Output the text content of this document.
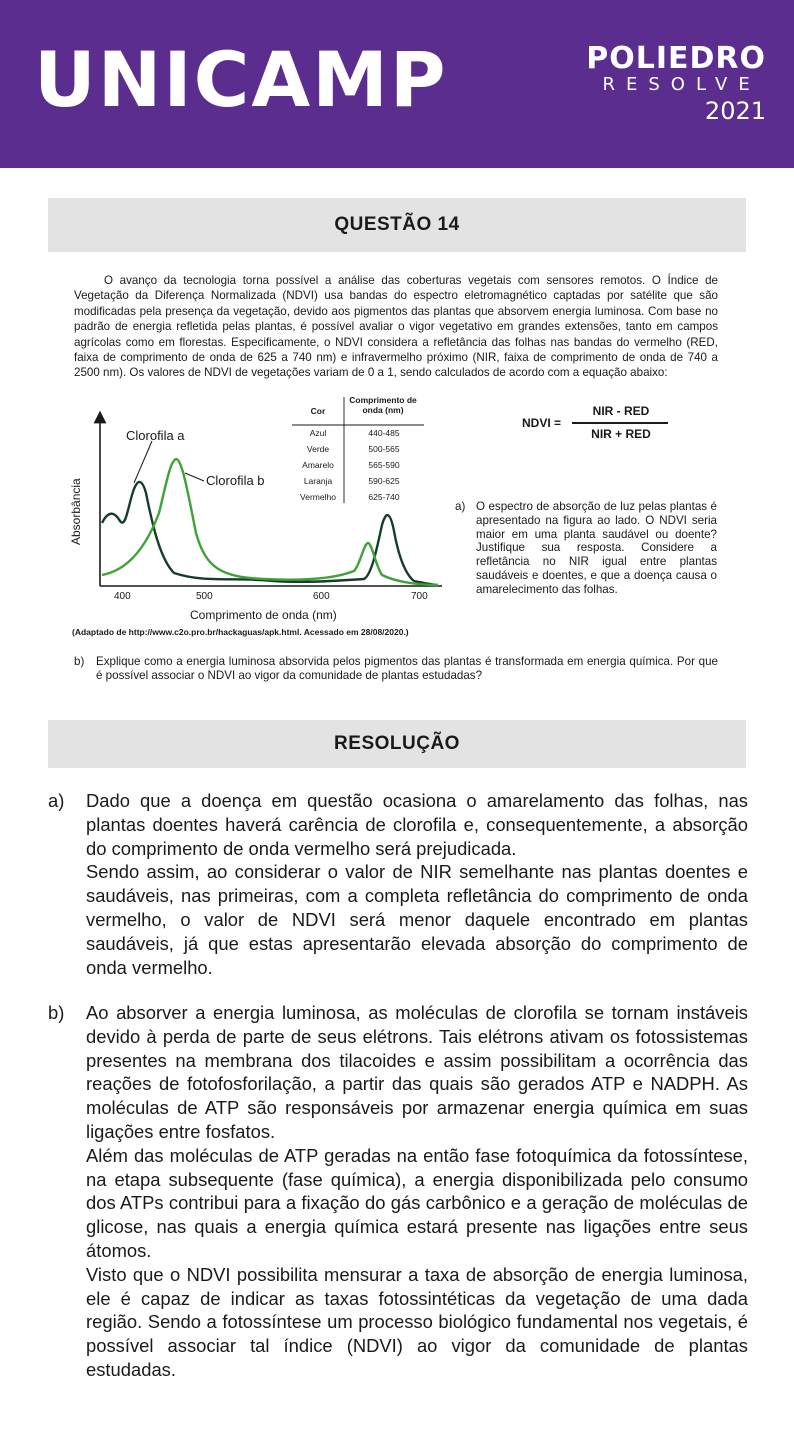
UNICAMP	POLIEDRO
RESOLVE
2021
QUESTÃO 14
O avanço da tecnologia torna possível a análise das coberturas vegetais com sensores remotos. O Índice de Vegetação da Diferença Normalizada (NDVI) usa bandas do espectro eletromagnético captadas por satélite que são modificadas pela presença da vegetação, devido aos pigmentos das plantas que absorvem energia luminosa. Com base no padrão de energia refletida pelas plantas, é possível avaliar o vigor vegetativo em grandes extensões, tanto em campos agrícolas como em florestas. Especificamente, o NDVI considera a refletância das folhas nas bandas do vermelho (RED, faixa de comprimento de onda de 625 a 740 nm) e infravermelho próximo (NIR, faixa de comprimento de onda de 740 a 2500 nm). Os valores de NDVI de vegetações variam de 0 a 1, sendo calculados de acordo com a equação abaixo:
Absorbância
400	500	600	700
Comprimento de onda (nm)
Clorofila a
Clorofila b
Cor
Comprimento de onda (nm)
Azul	440-485
Verde	500-565
Amarelo	565-590
Laranja	590-625
Vermelho	625-740
(Adaptado de http://www.c2o.pro.br/hackaguas/apk.html. Acessado em 28/08/2020.)
NDVI =
NIR - RED
NIR + RED
a) O espectro de absorção de luz pelas plantas é apresentado na figura ao lado. O NDVI seria maior em uma planta saudável ou doente? Justifique sua resposta. Considere a refletância no NIR igual entre plantas saudáveis e doentes, e que a doença causa o amarelecimento das folhas.
b) Explique como a energia luminosa absorvida pelos pigmentos das plantas é transformada em energia química. Por que é possível associar o NDVI ao vigor da comunidade de plantas estudadas?
RESOLUÇÃO
a) Dado que a doença em questão ocasiona o amarelamento das folhas, nas plantas doentes haverá carência de clorofila e, consequentemente, a absorção do comprimento de onda vermelho será prejudicada.

Sendo assim, ao considerar o valor de NIR semelhante nas plantas doentes e saudáveis, nas primeiras, com a completa refletância do comprimento de onda vermelho, o valor de NDVI será menor daquele encontrado em plantas saudáveis, já que estas apresentarão elevada absorção do comprimento de onda vermelho.

b) Ao absorver a energia luminosa, as moléculas de clorofila se tornam instáveis devido à perda de parte de seus elétrons. Tais elétrons ativam os fotossistemas presentes na membrana dos tilacoides e assim possibilitam a ocorrência das reações de fotofosforilação, a partir das quais são gerados ATP e NADPH. As moléculas de ATP são responsáveis por armazenar energia química em suas ligações entre fosfatos.

Além das moléculas de ATP geradas na então fase fotoquímica da fotossíntese, na etapa subsequente (fase química), a energia disponibilizada pelo consumo dos ATPs contribui para a fixação do gás carbônico e a geração de moléculas de glicose, nas quais a energia química estará presente nas ligações entre seus átomos.

Visto que o NDVI possibilita mensurar a taxa de absorção de energia luminosa, ele é capaz de indicar as taxas fotossintéticas da vegetação de uma dada região. Sendo a fotossíntese um processo biológico fundamental nos vegetais, é possível associar tal índice (NDVI) ao vigor da comunidade de plantas estudadas.
